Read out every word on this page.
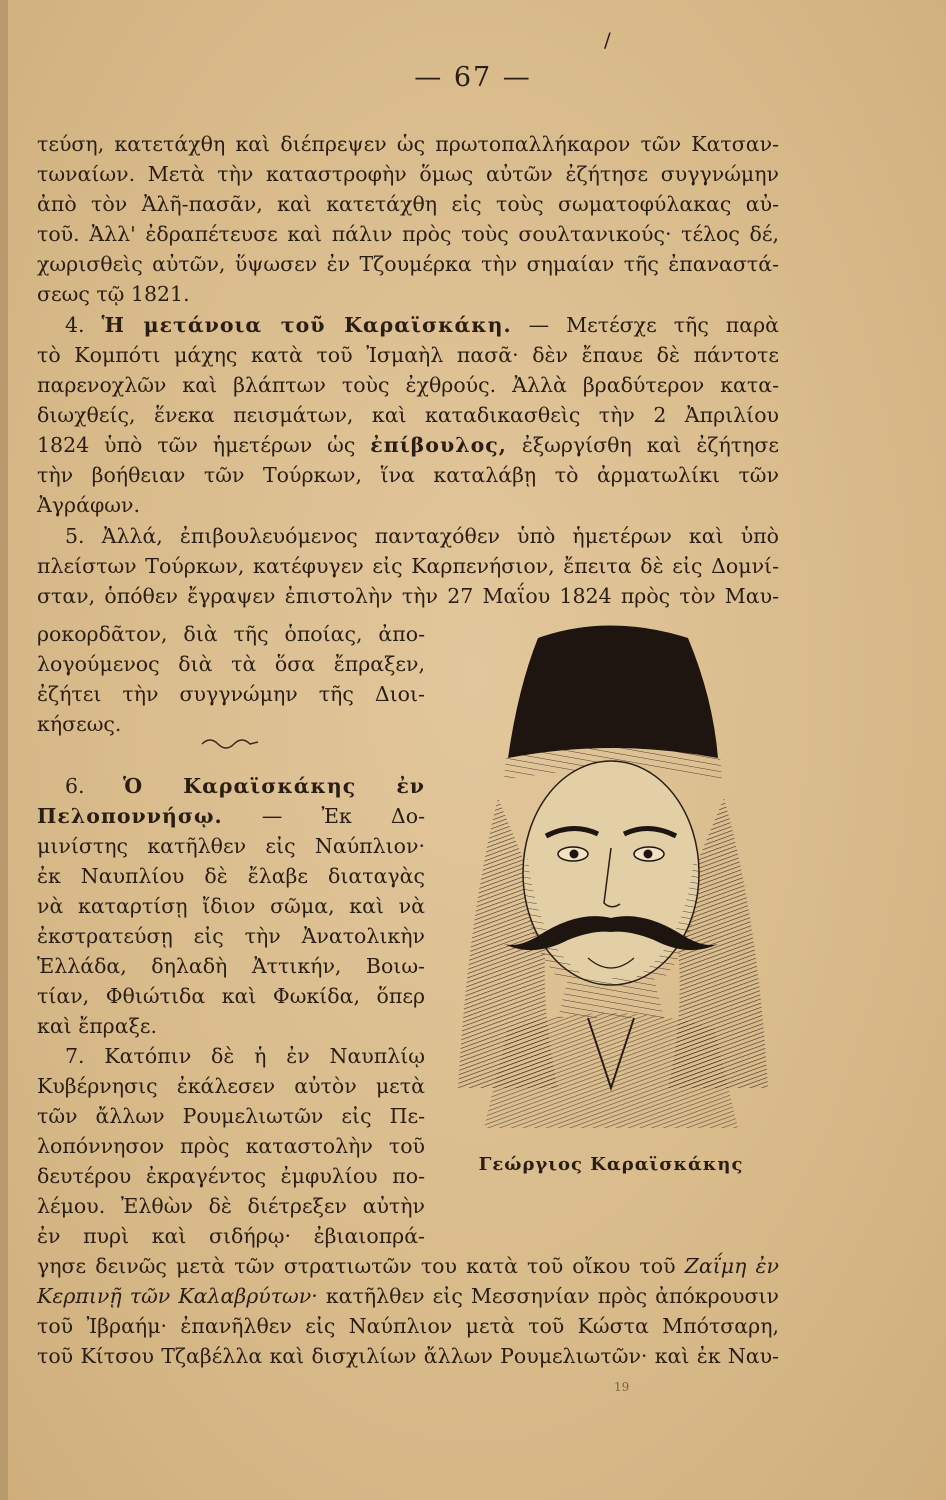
/
— 67 —
τεύση, κατετάχθη καὶ διέπρεψεν ὡς πρωτοπαλλήκαρον τῶν Κατσαν-
τωναίων. Μετὰ τὴν καταστροφὴν ὅμως αὐτῶν ἐζήτησε συγγνώμην
ἀπὸ τὸν Ἀλῆ-πασᾶν, καὶ κατετάχθη εἰς τοὺς σωματοφύλακας αὐ-
τοῦ. Ἀλλ' ἐδραπέτευσε καὶ πάλιν πρὸς τοὺς σουλτανικούς· τέλος δέ,
χωρισθεὶς αὐτῶν, ὕψωσεν ἐν Τζουμέρκα τὴν σημαίαν τῆς ἐπαναστά-
σεως τῷ 1821.
4. Ἡ μετάνοια τοῦ Καραϊσκάκη. — Μετέσχε τῆς παρὰ
τὸ Κομπότι μάχης κατὰ τοῦ Ἰσμαὴλ πασᾶ· δὲν ἔπαυε δὲ πάντοτε
παρενοχλῶν καὶ βλάπτων τοὺς ἐχθρούς. Ἀλλὰ βραδύτερον κατα-
διωχθείς, ἕνεκα πεισμάτων, καὶ καταδικασθεὶς τὴν 2 Ἀπριλίου
1824 ὑπὸ τῶν ἡμετέρων ὡς ἐπίβουλος, ἐξωργίσθη καὶ ἐζήτησε
τὴν βοήθειαν τῶν Τούρκων, ἵνα καταλάβῃ τὸ ἀρματωλίκι τῶν
Ἀγράφων.
5. Ἀλλά, ἐπιβουλευόμενος πανταχόθεν ὑπὸ ἡμετέρων καὶ ὑπὸ
πλείστων Τούρκων, κατέφυγεν εἰς Καρπενήσιον, ἔπειτα δὲ εἰς Δομνί-
σταν, ὁπόθεν ἔγραψεν ἐπιστολὴν τὴν 27 Μαΐου 1824 πρὸς τὸν Μαυ-
ροκορδᾶτον, διὰ τῆς ὁποίας, ἀπο-
λογούμενος διὰ τὰ ὅσα ἔπραξεν,
ἐζήτει τὴν συγγνώμην τῆς Διοι-
κήσεως.
6. Ὁ Καραϊσκάκης ἐν
Πελοποννήσῳ. — Ἐκ Δο-
μινίστης κατῆλθεν εἰς Ναύπλιον·
ἐκ Ναυπλίου δὲ ἔλαβε διαταγὰς
νὰ καταρτίσῃ ἴδιον σῶμα, καὶ νὰ
ἐκστρατεύσῃ εἰς τὴν Ἀνατολικὴν
Ἑλλάδα, δηλαδὴ Ἀττικήν, Βοιω-
τίαν, Φθιώτιδα καὶ Φωκίδα, ὅπερ
καὶ ἔπραξε.
7. Κατόπιν δὲ ἡ ἐν Ναυπλίῳ
Κυβέρνησις ἐκάλεσεν αὐτὸν μετὰ
τῶν ἄλλων Ρουμελιωτῶν εἰς Πε-
λοπόννησον πρὸς καταστολὴν τοῦ
δευτέρου ἐκραγέντος ἐμφυλίου πο-
λέμου. Ἐλθὼν δὲ διέτρεξεν αὐτὴν
ἐν πυρὶ καὶ σιδήρῳ· ἐβιαιοπρά-
γησε δεινῶς μετὰ τῶν στρατιωτῶν του κατὰ τοῦ οἴκου τοῦ Ζαΐμη ἐν
Κερπινῇ τῶν Καλαβρύτων· κατῆλθεν εἰς Μεσσηνίαν πρὸς ἀπόκρουσιν
τοῦ Ἰβραήμ· ἐπανῆλθεν εἰς Ναύπλιον μετὰ τοῦ Κώστα Μπότσαρη,
τοῦ Κίτσου Τζαβέλλα καὶ δισχιλίων ἄλλων Ρουμελιωτῶν· καὶ ἐκ Ναυ-
Γεώργιος Καραϊσκάκης
19
